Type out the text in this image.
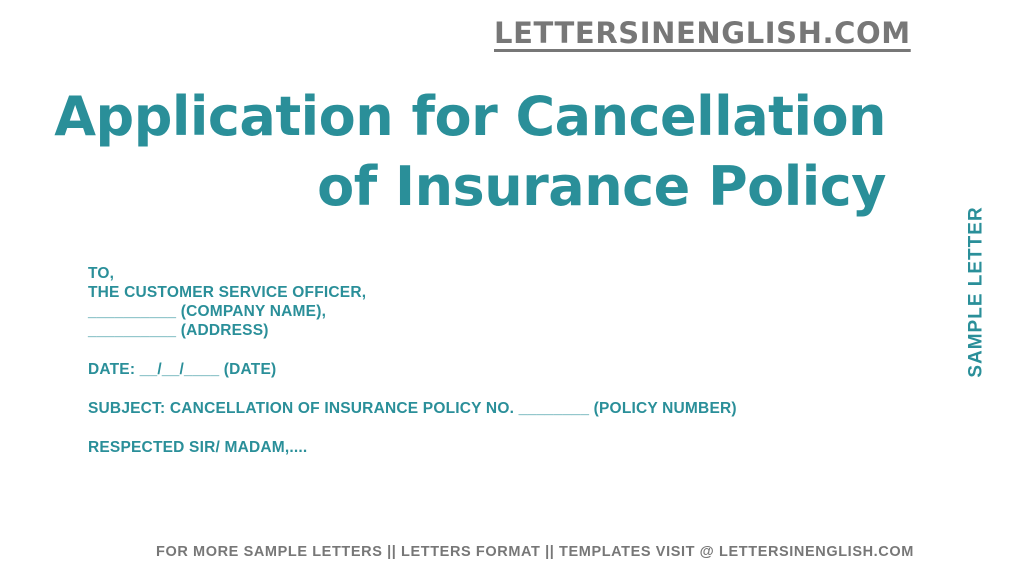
LETTERSINENGLISH.COM
Application for Cancellation
of Insurance Policy
TO,
THE CUSTOMER SERVICE OFFICER,
__________ (COMPANY NAME),
__________ (ADDRESS)
DATE: __/__/____ (DATE)
SUBJECT: CANCELLATION OF INSURANCE POLICY NO. ________ (POLICY NUMBER)
RESPECTED SIR/ MADAM,....
SAMPLE LETTER
FOR MORE SAMPLE LETTERS || LETTERS FORMAT || TEMPLATES VISIT @ LETTERSINENGLISH.COM
